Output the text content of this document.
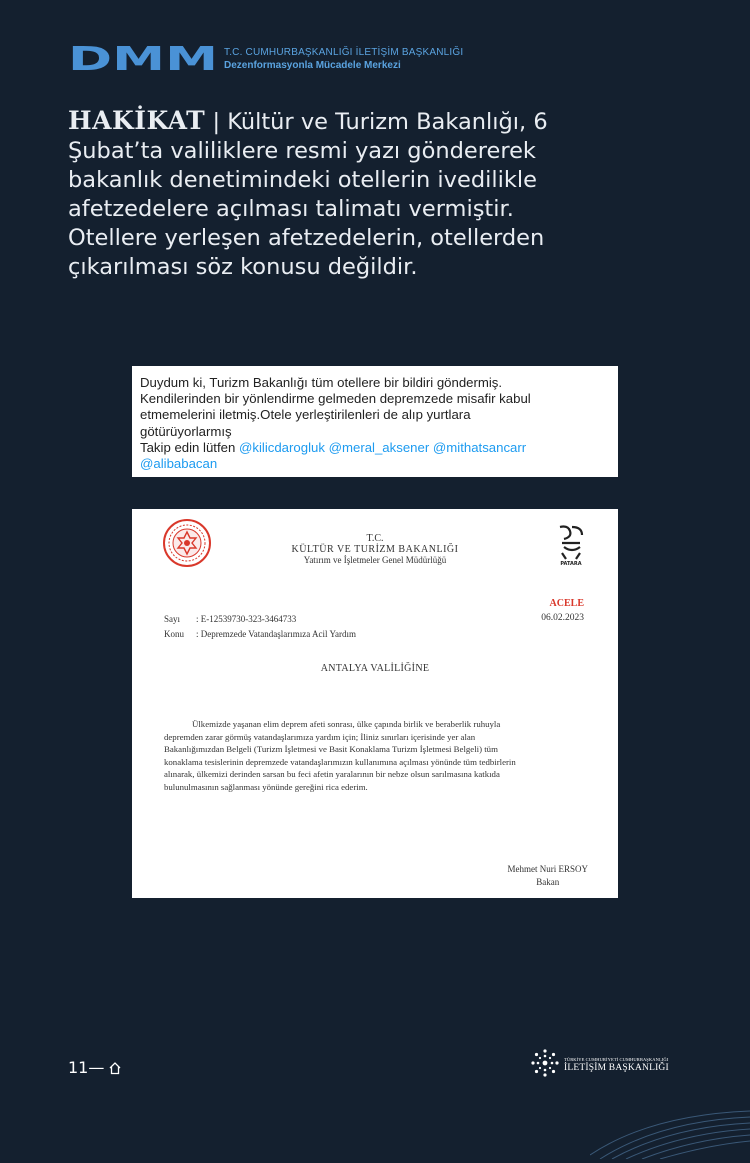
DMM T.C. CUMHURBAŞKANLIĞI İLETİŞİM BAŞKANLIĞI
Dezenformasyonla Mücadele Merkezi
HAKİKAT | Kültür ve Turizm Bakanlığı, 6
Şubat’ta valiliklere resmi yazı göndererek
bakanlık denetimindeki otellerin ivedilikle
afetzedelere açılması talimatı vermiştir.
Otellere yerleşen afetzedelerin, otellerden
çıkarılması söz konusu değildir.
Duydum ki, Turizm Bakanlığı tüm otellere bir bildiri göndermiş.
Kendilerinden bir yönlendirme gelmeden depremzede misafir kabul
etmemelerini iletmiş.Otele yerleştirilenleri de alıp yurtlara
götürüyorlarmış
Takip edin lütfen @kilicdarogluk @meral_aksener @mithatsancarr
@alibabacan
PATARA
T.C.
KÜLTÜR VE TURİZM BAKANLIĞI
Yatırım ve İşletmeler Genel Müdürlüğü
ACELE
06.02.2023
Sayı : E-12539730-323-3464733
Konu : Depremzede Vatandaşlarımıza Acil Yardım
ANTALYA VALİLİĞİNE
Ülkemizde yaşanan elim deprem afeti sonrası, ülke çapında birlik ve beraberlik ruhuyla
depremden zarar görmüş vatandaşlarımıza yardım için; İliniz sınırları içerisinde yer alan
Bakanlığımızdan Belgeli (Turizm İşletmesi ve Basit Konaklama Turizm İşletmesi Belgeli) tüm
konaklama tesislerinin depremzede vatandaşlarımızın kullanımına açılması yönünde tüm tedbirlerin
alınarak, ülkemizi derinden sarsan bu feci afetin yaralarının bir nebze olsun sarılmasına katkıda
bulunulmasının sağlanması yönünde gereğini rica ederim.
Mehmet Nuri ERSOY
Bakan
11—	TÜRKİYE CUMHURİYETİ CUMHURBAŞKANLIĞI
İLETİŞİM BAŞKANLIĞI
